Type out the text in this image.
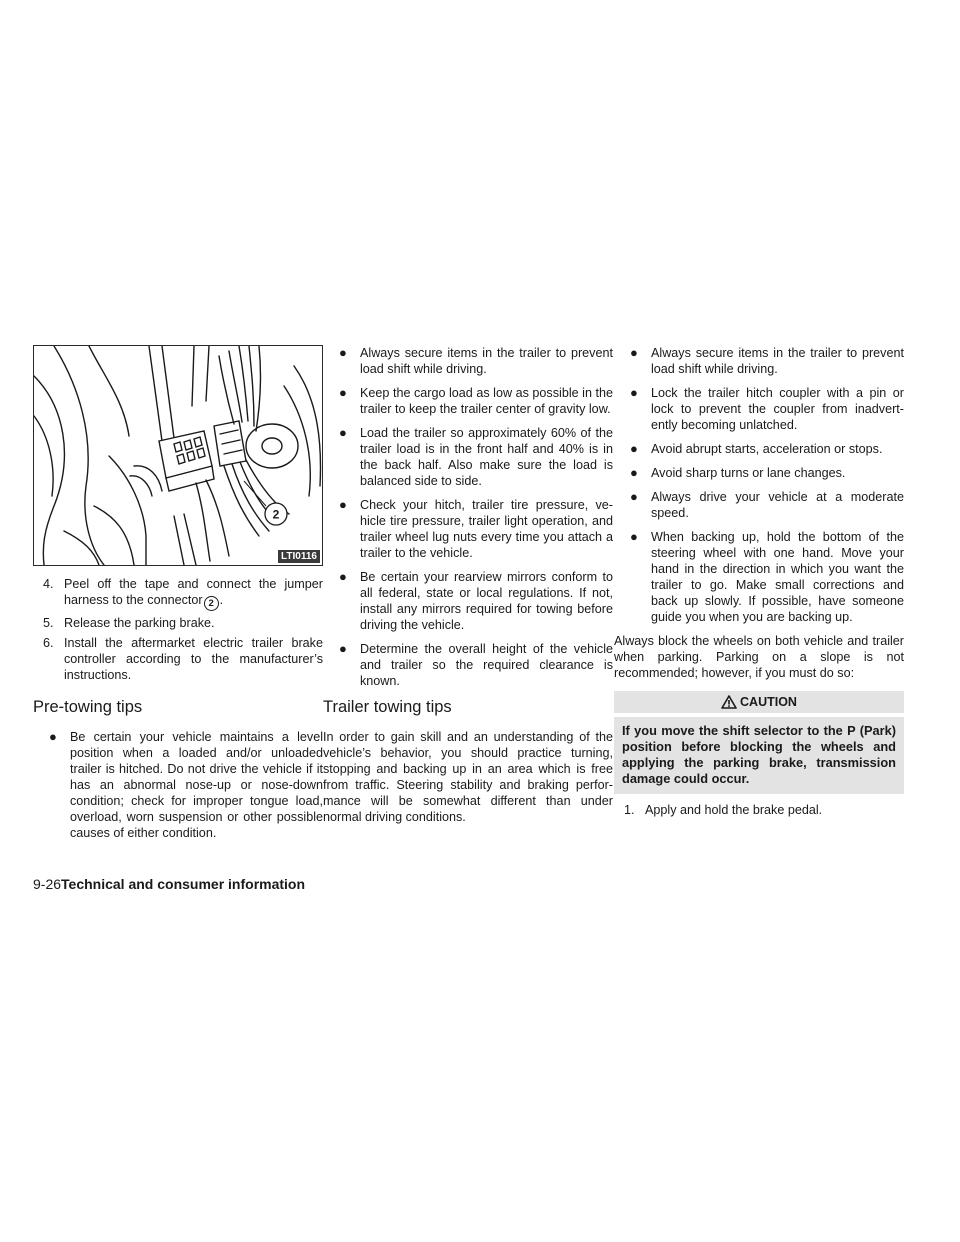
2
LTI0116
4. Peel off the tape and connect the jumper harness to the connector 2 .
5. Release the parking brake.
6. Install the aftermarket electric trailer brake controller according to the manufacturer’s instructions.
Pre-towing tips
● Be certain your vehicle maintains a level position when a loaded and/or unloaded trailer is hitched. Do not drive the vehicle if it has an abnormal nose-up or nose-down condition; check for improper tongue load, overload, worn suspension or other possible causes of either condition.
● Always secure items in the trailer to prevent load shift while driving.
● Keep the cargo load as low as possible in the trailer to keep the trailer center of gravity low.
● Load the trailer so approximately 60% of the trailer load is in the front half and 40% is in the back half. Also make sure the load is balanced side to side.
● Check your hitch, trailer tire pressure, ve-hicle tire pressure, trailer light operation, and trailer wheel lug nuts every time you attach a trailer to the vehicle.
● Be certain your rearview mirrors conform to all federal, state or local regulations. If not, install any mirrors required for towing before driving the vehicle.
● Determine the overall height of the vehicle and trailer so the required clearance is known.
Trailer towing tips

In order to gain skill and an understanding of the vehicle’s behavior, you should practice turning, stopping and backing up in an area which is free from traffic. Steering stability and braking perfor-mance will be somewhat different than under normal driving conditions.

● Always secure items in the trailer to prevent load shift while driving.
● Lock the trailer hitch coupler with a pin or lock to prevent the coupler from inadvert-ently becoming unlatched.
● Avoid abrupt starts, acceleration or stops.
● Avoid sharp turns or lane changes.
● Always drive your vehicle at a moderate speed.
● When backing up, hold the bottom of the steering wheel with one hand. Move your hand in the direction in which you want the trailer to go. Make small corrections and back up slowly. If possible, have someone guide you when you are backing up.

Always block the wheels on both vehicle and trailer when parking. Parking on a slope is not recommended; however, if you must do so:

CAUTION
If you move the shift selector to the P (Park) position before blocking the wheels and applying the parking brake, transmission damage could occur.
1. Apply and hold the brake pedal.
9-26Technical and consumer information
